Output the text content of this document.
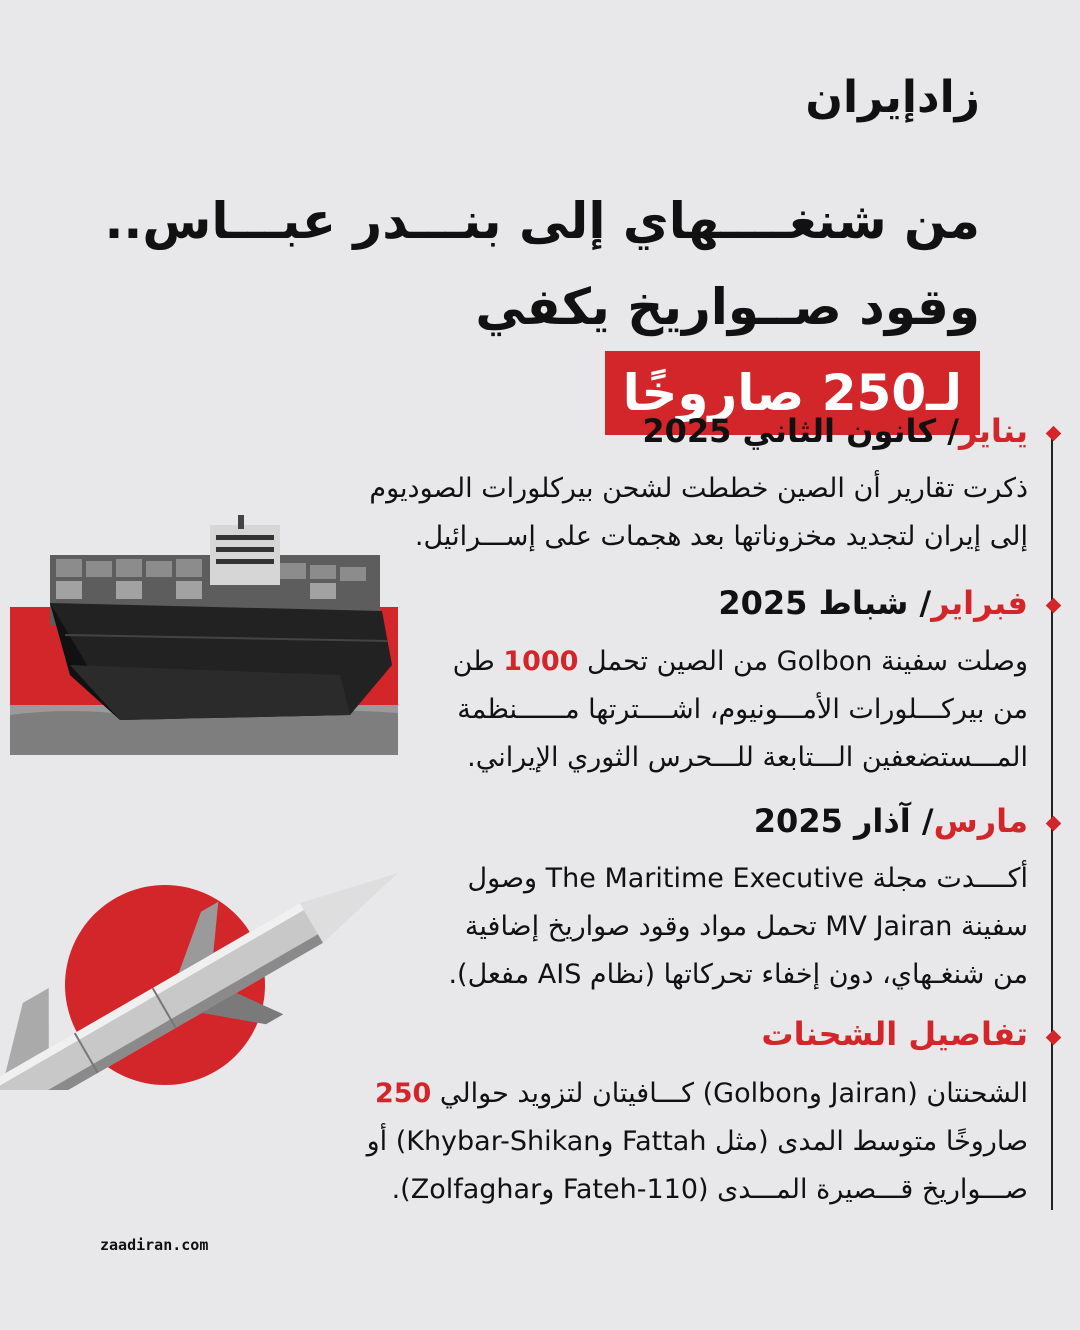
زادإيران
من شنغــــهاي إلى بنـــدر عبـــاس..
وقود صــواريخ يكفي لـ250 صاروخًا
يناير/ كانون الثاني 2025
ذكرت تقارير أن الصين خططت لشحن بيركلورات الصوديوم
إلى إيران لتجديد مخزوناتها بعد هجمات على إســـرائيل.
فبراير/ شباط 2025
وصلت سفينة Golbon من الصين تحمل 1000 طن
من بيركـــلورات الأمـــونيوم، اشــــترتها مــــــنظمة
المـــستضعفين الـــتابعة للـــحرس الثوري الإيراني.
مارس/ آذار 2025
أكــــدت مجلة The Maritime Executive وصول
سفينة MV Jairan تحمل مواد وقود صواريخ إضافية
من شنغـهاي، دون إخفاء تحركاتها (نظام AIS مفعل).
تفاصيل الشحنات
الشحنتان (Jairan وGolbon) كـــافيتان لتزويد حوالي 250
صاروخًا متوسط المدى (مثل Fattah وKhybar-Shikan) أو
صـــواريخ قـــصيرة المـــدى (Fateh-110 وZolfaghar).
zaadiran.com
